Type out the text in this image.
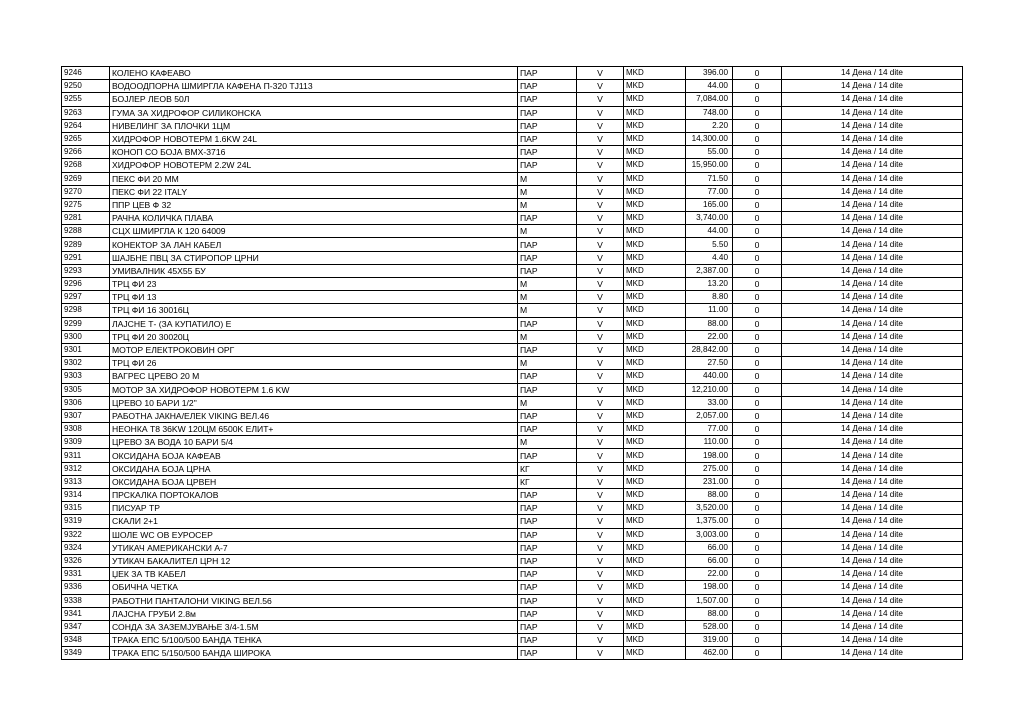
9246	КОЛЕНО КАФЕАВО	ПАР	V	MKD	396.00	0	14 Дена / 14 dite
9250	ВОДООДПОРНА ШМИРГЛА КАФЕНА П-320 TJ113	ПАР	V	MKD	44.00	0	14 Дена / 14 dite
9255	БОЈЛЕР ЛЕОВ 50Л	ПАР	V	MKD	7,084.00	0	14 Дена / 14 dite
9263	ГУМА ЗА ХИДРОФОР СИЛИКОНСКА	ПАР	V	MKD	748.00	0	14 Дена / 14 dite
9264	НИВЕЛИНГ ЗА ПЛОЧКИ 1ЦМ	ПАР	V	MKD	2.20	0	14 Дена / 14 dite
9265	ХИДРОФОР НОВОТЕРМ 1.6KW 24L	ПАР	V	MKD	14,300.00	0	14 Дена / 14 dite
9266	КОНОП СО БОЈА BMX-3716	ПАР	V	MKD	55.00	0	14 Дена / 14 dite
9268	ХИДРОФОР НОВОТЕРМ 2.2W 24L	ПАР	V	MKD	15,950.00	0	14 Дена / 14 dite
9269	ПЕКС ФИ 20 ММ	М	V	MKD	71.50	0	14 Дена / 14 dite
9270	ПЕКС ФИ 22 ITALY	М	V	MKD	77.00	0	14 Дена / 14 dite
9275	ППР ЦЕВ Ф 32	М	V	MKD	165.00	0	14 Дена / 14 dite
9281	РАЧНА КОЛИЧКА ПЛАВА	ПАР	V	MKD	3,740.00	0	14 Дена / 14 dite
9288	СЦХ ШМИРГЛА К 120 64009	М	V	MKD	44.00	0	14 Дена / 14 dite
9289	КОНЕКТОР ЗА ЛАН КАБЕЛ	ПАР	V	MKD	5.50	0	14 Дена / 14 dite
9291	ШАЈБНЕ ПВЦ ЗА СТИРОПОР ЦРНИ	ПАР	V	MKD	4.40	0	14 Дена / 14 dite
9293	УМИВАЛНИК 45Х55 БУ	ПАР	V	MKD	2,387.00	0	14 Дена / 14 dite
9296	ТРЦ ФИ 23	М	V	MKD	13.20	0	14 Дена / 14 dite
9297	ТРЦ ФИ 13	М	V	MKD	8.80	0	14 Дена / 14 dite
9298	ТРЦ ФИ 16 30016Ц	М	V	MKD	11.00	0	14 Дена / 14 dite
9299	ЛАЈСНЕ Т- (ЗА КУПАТИЛО) Е	ПАР	V	MKD	88.00	0	14 Дена / 14 dite
9300	ТРЦ ФИ 20 30020Ц	М	V	MKD	22.00	0	14 Дена / 14 dite
9301	МОТОР ЕЛЕКТРОКОВИН ОРГ	ПАР	V	MKD	28,842.00	0	14 Дена / 14 dite
9302	ТРЦ ФИ 26	М	V	MKD	27.50	0	14 Дена / 14 dite
9303	ВАГРЕС ЦРЕВО 20 М	ПАР	V	MKD	440.00	0	14 Дена / 14 dite
9305	МОТОР ЗА ХИДРОФОР НОВОТЕРМ 1.6 KW	ПАР	V	MKD	12,210.00	0	14 Дена / 14 dite
9306	ЦРЕВО 10 БАРИ 1/2"	М	V	MKD	33.00	0	14 Дена / 14 dite
9307	РАБОТНА ЈАКНА/ЕЛЕК VIKING ВЕЛ.46	ПАР	V	MKD	2,057.00	0	14 Дена / 14 dite
9308	НЕОНКА Т8 36KW 120ЦМ 6500K ЕЛИТ+	ПАР	V	MKD	77.00	0	14 Дена / 14 dite
9309	ЦРЕВО ЗА ВОДА 10 БАРИ 5/4	М	V	MKD	110.00	0	14 Дена / 14 dite
9311	ОКСИДАНА БОЈА КАФЕАВ	ПАР	V	MKD	198.00	0	14 Дена / 14 dite
9312	ОКСИДАНА БОЈА ЦРНА	КГ	V	MKD	275.00	0	14 Дена / 14 dite
9313	ОКСИДАНА БОЈА ЦРВЕН	КГ	V	MKD	231.00	0	14 Дена / 14 dite
9314	ПРСКАЛКА ПОРТОКАЛОВ	ПАР	V	MKD	88.00	0	14 Дена / 14 dite
9315	ПИСУАР ТР	ПАР	V	MKD	3,520.00	0	14 Дена / 14 dite
9319	СКАЛИ 2+1	ПАР	V	MKD	1,375.00	0	14 Дена / 14 dite
9322	ШОЛЕ WC ОВ ЕУРОСЕР	ПАР	V	MKD	3,003.00	0	14 Дена / 14 dite
9324	УТИКАЧ АМЕРИКАНСКИ А-7	ПАР	V	MKD	66.00	0	14 Дена / 14 dite
9326	УТИКАЧ БАКАЛИТЕЛ ЦРН 12	ПАР	V	MKD	66.00	0	14 Дена / 14 dite
9331	ЏЕК ЗА ТВ КАБЕЛ	ПАР	V	MKD	22.00	0	14 Дена / 14 dite
9336	ОБИЧНА ЧЕТКА	ПАР	V	MKD	198.00	0	14 Дена / 14 dite
9338	РАБОТНИ ПАНТАЛОНИ VIKING ВЕЛ.56	ПАР	V	MKD	1,507.00	0	14 Дена / 14 dite
9341	ЛАЈСНА ГРУБИ 2.8м	ПАР	V	MKD	88.00	0	14 Дена / 14 dite
9347	СОНДА ЗА ЗАЗЕМЈУВАЊЕ 3/4-1.5М	ПАР	V	MKD	528.00	0	14 Дена / 14 dite
9348	ТРАКА ЕПС 5/100/500 БАНДА ТЕНКА	ПАР	V	MKD	319.00	0	14 Дена / 14 dite
9349	ТРАКА ЕПС 5/150/500 БАНДА ШИРОКА	ПАР	V	MKD	462.00	0	14 Дена / 14 dite
